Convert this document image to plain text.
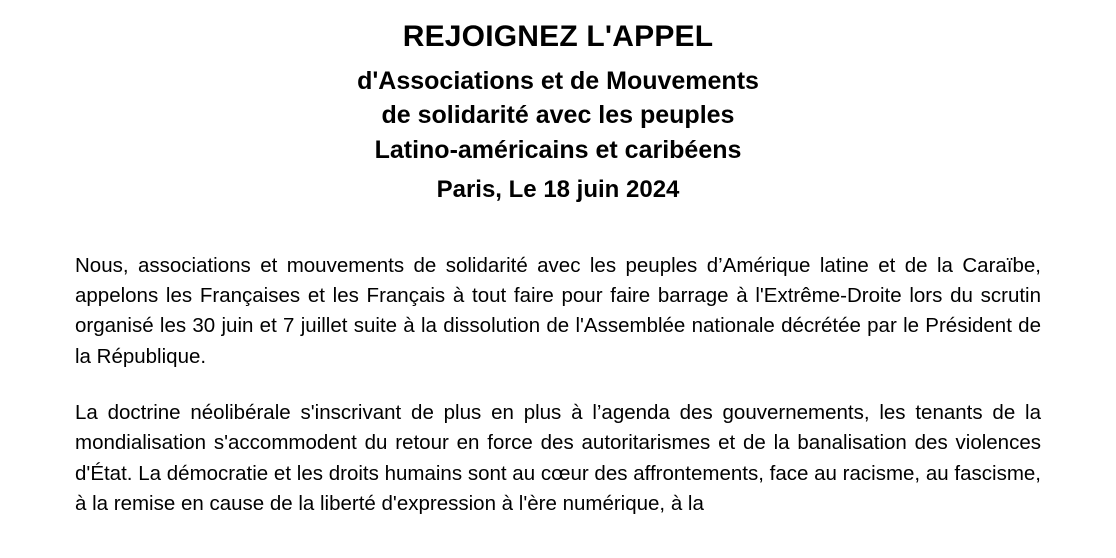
REJOIGNEZ L'APPEL
d'Associations et de Mouvements
de solidarité avec les peuples
Latino-américains et caribéens
Paris, Le 18 juin 2024

Nous, associations et mouvements de solidarité avec les peuples d’Amérique latine et de la Caraïbe, appelons les Françaises et les Français à tout faire pour faire barrage à l'Extrême-Droite lors du scrutin organisé les 30 juin et 7 juillet suite à la dissolution de l'Assemblée nationale décrétée par le Président de la République.

La doctrine néolibérale s'inscrivant de plus en plus à l’agenda des gouvernements, les tenants de la mondialisation s'accommodent du retour en force des autoritarismes et de la banalisation des violences d'État. La démocratie et les droits humains sont au cœur des affrontements, face au racisme, au fascisme, à la remise en cause de la liberté d'expression à l'ère numérique, à la
